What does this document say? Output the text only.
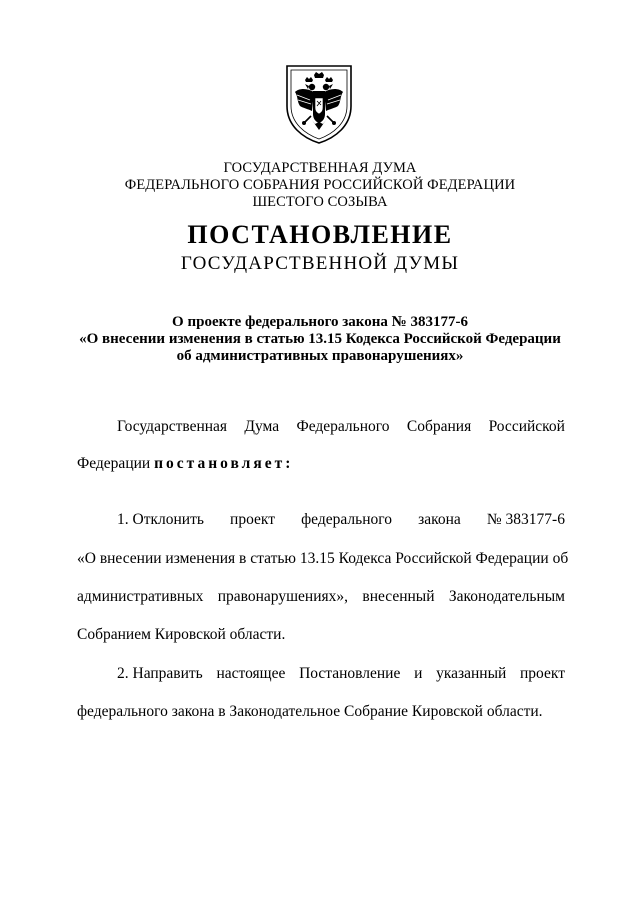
ГОСУДАРСТВЕННАЯ ДУМА
ФЕДЕРАЛЬНОГО СОБРАНИЯ РОССИЙСКОЙ ФЕДЕРАЦИИ
ШЕСТОГО СОЗЫВА
ПОСТАНОВЛЕНИЕ
ГОСУДАРСТВЕННОЙ ДУМЫ
О проекте федерального закона № 383177-6
«О внесении изменения в статью 13.15 Кодекса Российской Федерации
об административных правонарушениях»
Государственная Дума Федерального Собрания Российской
Федерации постановляет:
1. Отклонить проект федерального закона № 383177-6
«О внесении изменения в статью 13.15 Кодекса Российской Федерации об
административных правонарушениях», внесенный Законодательным
Собранием Кировской области.
2. Направить настоящее Постановление и указанный проект
федерального закона в Законодательное Собрание Кировской области.
